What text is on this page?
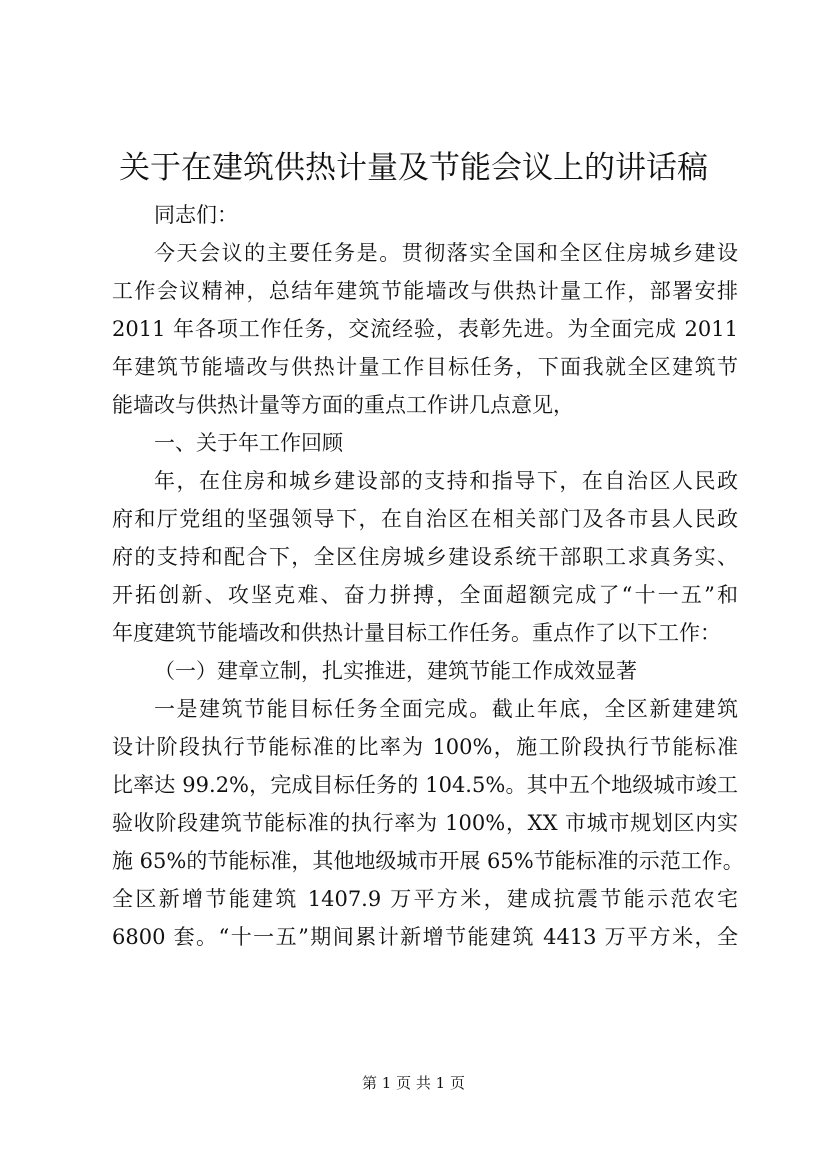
关于在建筑供热计量及节能会议上的讲话稿
同志们：
今天会议的主要任务是。贯彻落实全国和全区住房城乡建设
工作会议精神，总结年建筑节能墙改与供热计量工作，部署安排
2011 年各项工作任务，交流经验，表彰先进。为全面完成 2011
年建筑节能墙改与供热计量工作目标任务，下面我就全区建筑节
能墙改与供热计量等方面的重点工作讲几点意见，
一、关于年工作回顾
年，在住房和城乡建设部的支持和指导下，在自治区人民政
府和厅党组的坚强领导下，在自治区在相关部门及各市县人民政
府的支持和配合下，全区住房城乡建设系统干部职工求真务实、
开拓创新、攻坚克难、奋力拼搏，全面超额完成了“十一五”和
年度建筑节能墙改和供热计量目标工作任务。重点作了以下工作：
（一）建章立制，扎实推进，建筑节能工作成效显著
一是建筑节能目标任务全面完成。截止年底，全区新建建筑
设计阶段执行节能标准的比率为 100%，施工阶段执行节能标准
比率达 99.2%，完成目标任务的 104.5%。其中五个地级城市竣工
验收阶段建筑节能标准的执行率为 100%，XX 市城市规划区内实
施 65%的节能标准，其他地级城市开展 65%节能标准的示范工作。
全区新增节能建筑 1407.9 万平方米，建成抗震节能示范农宅
6800 套。“十一五”期间累计新增节能建筑 4413 万平方米，全
第 1 页 共 1 页
